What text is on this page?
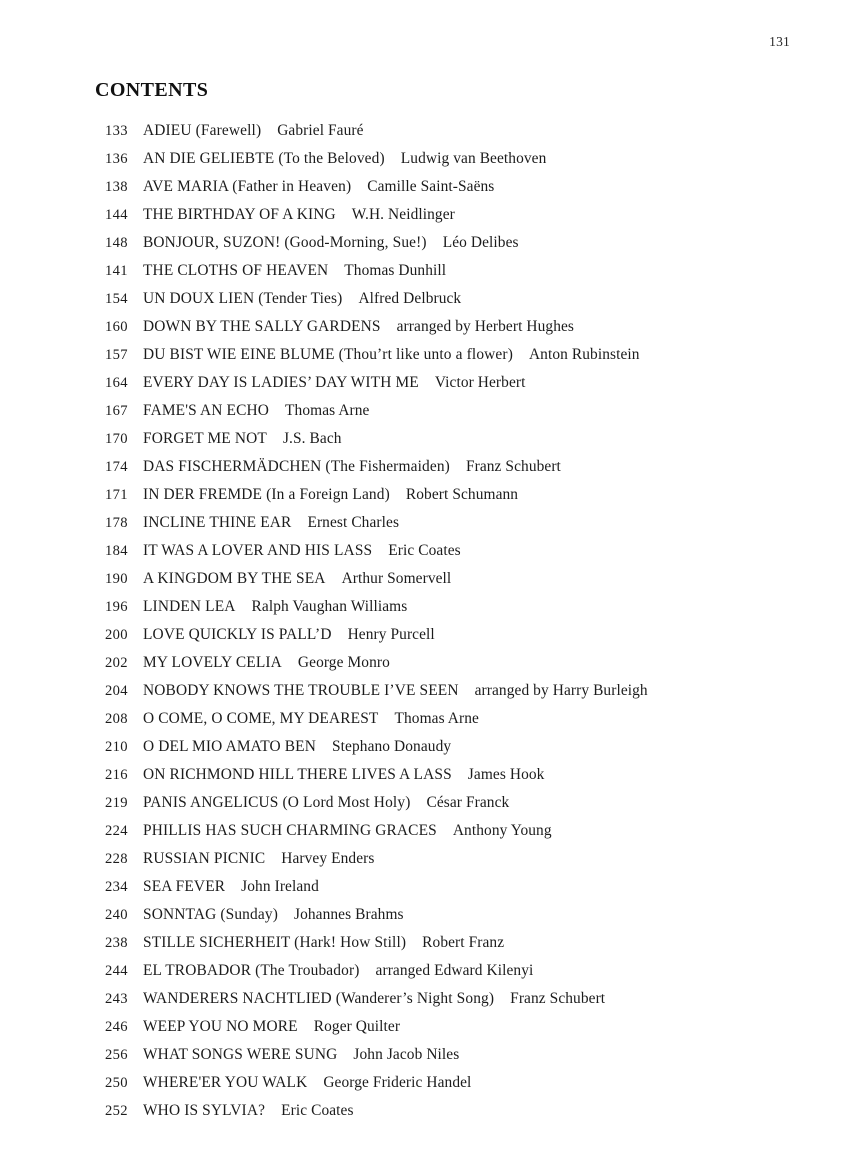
131
CONTENTS
133 ADIEU (Farewell) Gabriel Fauré
136 AN DIE GELIEBTE (To the Beloved) Ludwig van Beethoven
138 AVE MARIA (Father in Heaven) Camille Saint-Saëns
144 THE BIRTHDAY OF A KING W.H. Neidlinger
148 BONJOUR, SUZON! (Good-Morning, Sue!) Léo Delibes
141 THE CLOTHS OF HEAVEN Thomas Dunhill
154 UN DOUX LIEN (Tender Ties) Alfred Delbruck
160 DOWN BY THE SALLY GARDENS arranged by Herbert Hughes
157 DU BIST WIE EINE BLUME (Thou’rt like unto a flower) Anton Rubinstein
164 EVERY DAY IS LADIES’ DAY WITH ME Victor Herbert
167 FAME'S AN ECHO Thomas Arne
170 FORGET ME NOT J.S. Bach
174 DAS FISCHERMÄDCHEN (The Fishermaiden) Franz Schubert
171 IN DER FREMDE (In a Foreign Land) Robert Schumann
178 INCLINE THINE EAR Ernest Charles
184 IT WAS A LOVER AND HIS LASS Eric Coates
190 A KINGDOM BY THE SEA Arthur Somervell
196 LINDEN LEA Ralph Vaughan Williams
200 LOVE QUICKLY IS PALL’D Henry Purcell
202 MY LOVELY CELIA George Monro
204 NOBODY KNOWS THE TROUBLE I’VE SEEN arranged by Harry Burleigh
208 O COME, O COME, MY DEAREST Thomas Arne
210 O DEL MIO AMATO BEN Stephano Donaudy
216 ON RICHMOND HILL THERE LIVES A LASS James Hook
219 PANIS ANGELICUS (O Lord Most Holy) César Franck
224 PHILLIS HAS SUCH CHARMING GRACES Anthony Young
228 RUSSIAN PICNIC Harvey Enders
234 SEA FEVER John Ireland
240 SONNTAG (Sunday) Johannes Brahms
238 STILLE SICHERHEIT (Hark! How Still) Robert Franz
244 EL TROBADOR (The Troubador) arranged Edward Kilenyi
243 WANDERERS NACHTLIED (Wanderer’s Night Song) Franz Schubert
246 WEEP YOU NO MORE Roger Quilter
256 WHAT SONGS WERE SUNG John Jacob Niles
250 WHERE'ER YOU WALK George Frideric Handel
252 WHO IS SYLVIA? Eric Coates
